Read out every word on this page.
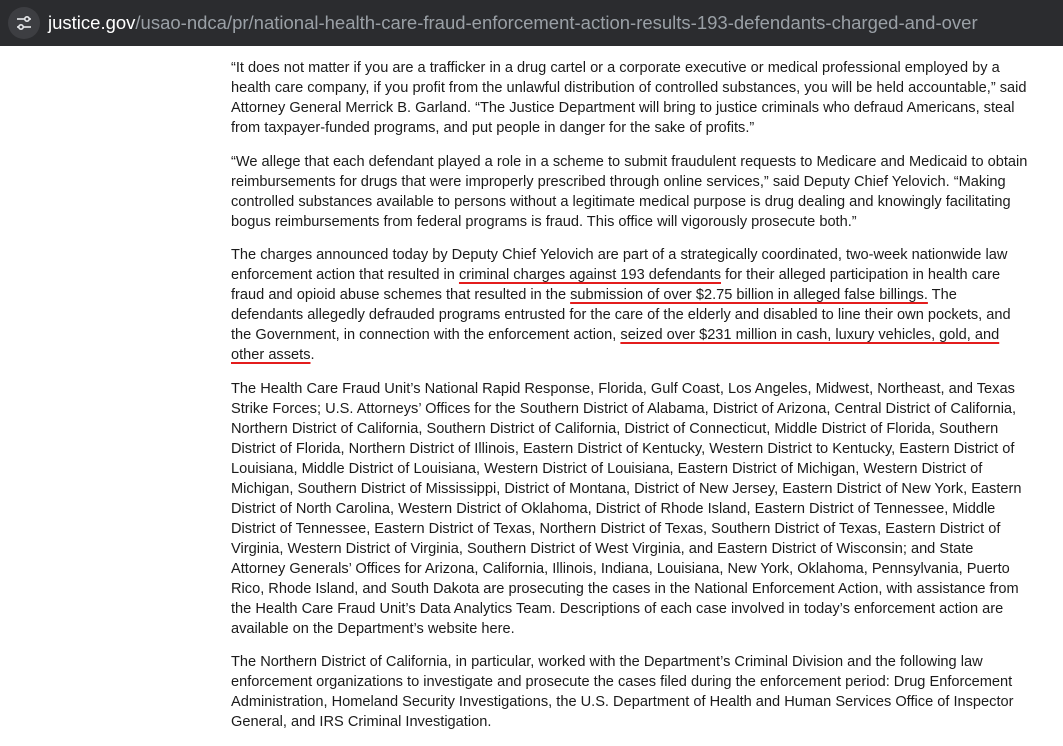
justice.gov/usao-ndca/pr/national-health-care-fraud-enforcement-action-results-193-defendants-charged-and-over

“It does not matter if you are a trafficker in a drug cartel or a corporate executive or medical professional employed by a health care company, if you profit from the unlawful distribution of controlled substances, you will be held accountable,” said Attorney General Merrick B. Garland. “The Justice Department will bring to justice criminals who defraud Americans, steal from taxpayer-funded programs, and put people in danger for the sake of profits.”

“We allege that each defendant played a role in a scheme to submit fraudulent requests to Medicare and Medicaid to obtain reimbursements for drugs that were improperly prescribed through online services,” said Deputy Chief Yelovich. “Making controlled substances available to persons without a legitimate medical purpose is drug dealing and knowingly facilitating bogus reimbursements from federal programs is fraud. This office will vigorously prosecute both.”

The charges announced today by Deputy Chief Yelovich are part of a strategically coordinated, two-week nationwide law enforcement action that resulted in criminal charges against 193 defendants for their alleged participation in health care fraud and opioid abuse schemes that resulted in the submission of over $2.75 billion in alleged false billings. The defendants allegedly defrauded programs entrusted for the care of the elderly and disabled to line their own pockets, and the Government, in connection with the enforcement action, seized over $231 million in cash, luxury vehicles, gold, and other assets.

The Health Care Fraud Unit’s National Rapid Response, Florida, Gulf Coast, Los Angeles, Midwest, Northeast, and Texas Strike Forces; U.S. Attorneys’ Offices for the Southern District of Alabama, District of Arizona, Central District of California, Northern District of California, Southern District of California, District of Connecticut, Middle District of Florida, Southern District of Florida, Northern District of Illinois, Eastern District of Kentucky, Western District to Kentucky, Eastern District of Louisiana, Middle District of Louisiana, Western District of Louisiana, Eastern District of Michigan, Western District of Michigan, Southern District of Mississippi, District of Montana, District of New Jersey, Eastern District of New York, Eastern District of North Carolina, Western District of Oklahoma, District of Rhode Island, Eastern District of Tennessee, Middle District of Tennessee, Eastern District of Texas, Northern District of Texas, Southern District of Texas, Eastern District of Virginia, Western District of Virginia, Southern District of West Virginia, and Eastern District of Wisconsin; and State Attorney Generals’ Offices for Arizona, California, Illinois, Indiana, Louisiana, New York, Oklahoma, Pennsylvania, Puerto Rico, Rhode Island, and South Dakota are prosecuting the cases in the National Enforcement Action, with assistance from the Health Care Fraud Unit’s Data Analytics Team. Descriptions of each case involved in today’s enforcement action are available on the Department’s website here.

The Northern District of California, in particular, worked with the Department’s Criminal Division and the following law enforcement organizations to investigate and prosecute the cases filed during the enforcement period: Drug Enforcement Administration, Homeland Security Investigations, the U.S. Department of Health and Human Services Office of Inspector General, and IRS Criminal Investigation.
